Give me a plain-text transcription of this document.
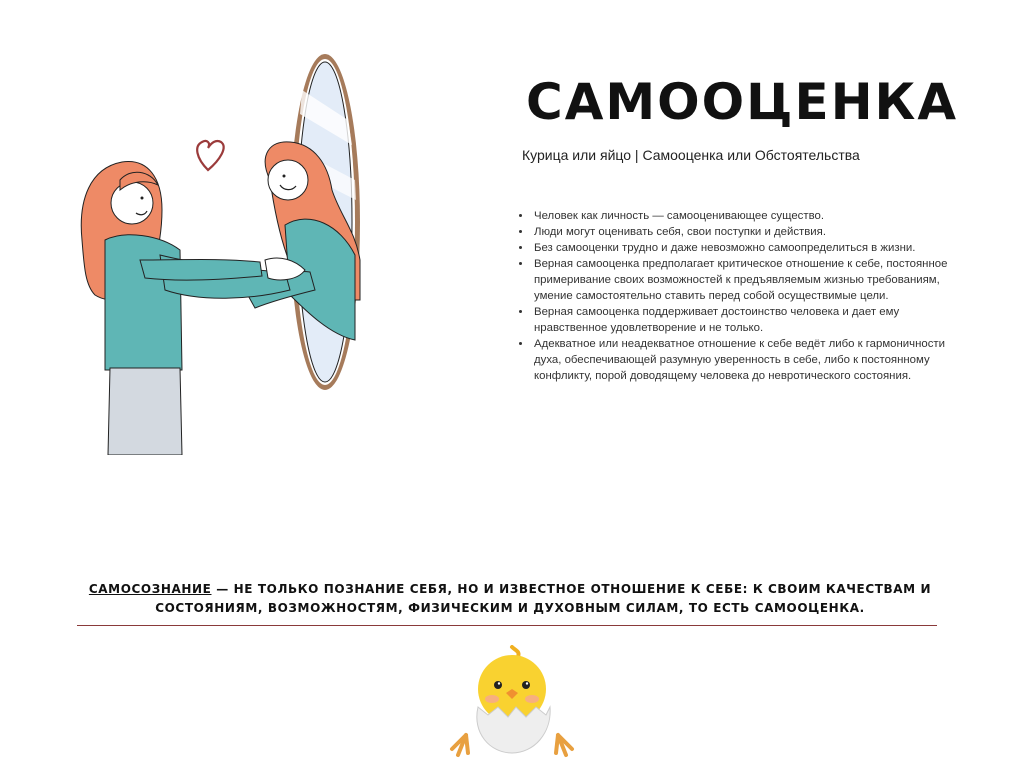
САМООЦЕНКА
Курица или яйцо | Самооценка или Обстоятельства
• Человек как личность — самооценивающее существо.
• Люди могут оценивать себя, свои поступки и действия.
• Без самооценки трудно и даже невозможно самоопределиться в жизни.
• Верная самооценка предполагает критическое отношение к себе, постоянное примеривание своих возможностей к предъявляемым жизнью требованиям, умение самостоятельно ставить перед собой осуществимые цели.
• Верная самооценка поддерживает достоинство человека и дает ему нравственное удовлетворение и не только.
• Адекватное или неадекватное отношение к себе ведёт либо к гармоничности духа, обеспечивающей разумную уверенность в себе, либо к постоянному конфликту, порой доводящему человека до невротического состояния.
САМОСОЗНАНИЕ — НЕ ТОЛЬКО ПОЗНАНИЕ СЕБЯ, НО И ИЗВЕСТНОЕ ОТНОШЕНИЕ К СЕБЕ: К СВОИМ КАЧЕСТВАМ И СОСТОЯНИЯМ, ВОЗМОЖНОСТЯМ, ФИЗИЧЕСКИМ И ДУХОВНЫМ СИЛАМ, ТО ЕСТЬ САМООЦЕНКА.
